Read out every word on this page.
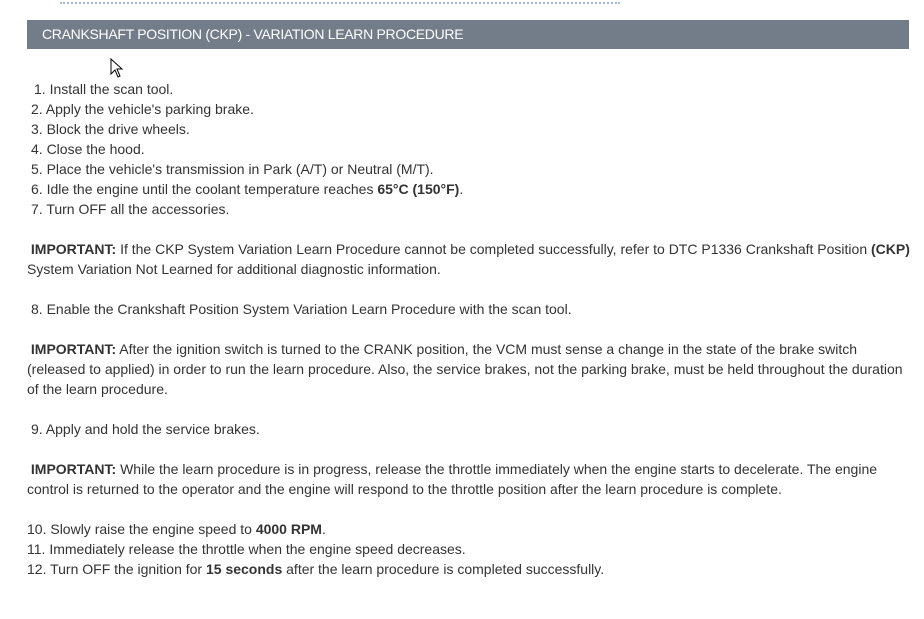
CRANKSHAFT POSITION (CKP) - VARIATION LEARN PROCEDURE
1. Install the scan tool.
2. Apply the vehicle's parking brake.
3. Block the drive wheels.
4. Close the hood.
5. Place the vehicle's transmission in Park (A/T) or Neutral (M/T).
6. Idle the engine until the coolant temperature reaches 65°C (150°F).
7. Turn OFF all the accessories.
IMPORTANT: If the CKP System Variation Learn Procedure cannot be completed successfully, refer to DTC P1336 Crankshaft Position (CKP) System Variation Not Learned for additional diagnostic information.
8. Enable the Crankshaft Position System Variation Learn Procedure with the scan tool.
IMPORTANT: After the ignition switch is turned to the CRANK position, the VCM must sense a change in the state of the brake switch (released to applied) in order to run the learn procedure. Also, the service brakes, not the parking brake, must be held throughout the duration of the learn procedure.
9. Apply and hold the service brakes.
IMPORTANT: While the learn procedure is in progress, release the throttle immediately when the engine starts to decelerate. The engine control is returned to the operator and the engine will respond to the throttle position after the learn procedure is complete.
10. Slowly raise the engine speed to 4000 RPM.
11. Immediately release the throttle when the engine speed decreases.
12. Turn OFF the ignition for 15 seconds after the learn procedure is completed successfully.
